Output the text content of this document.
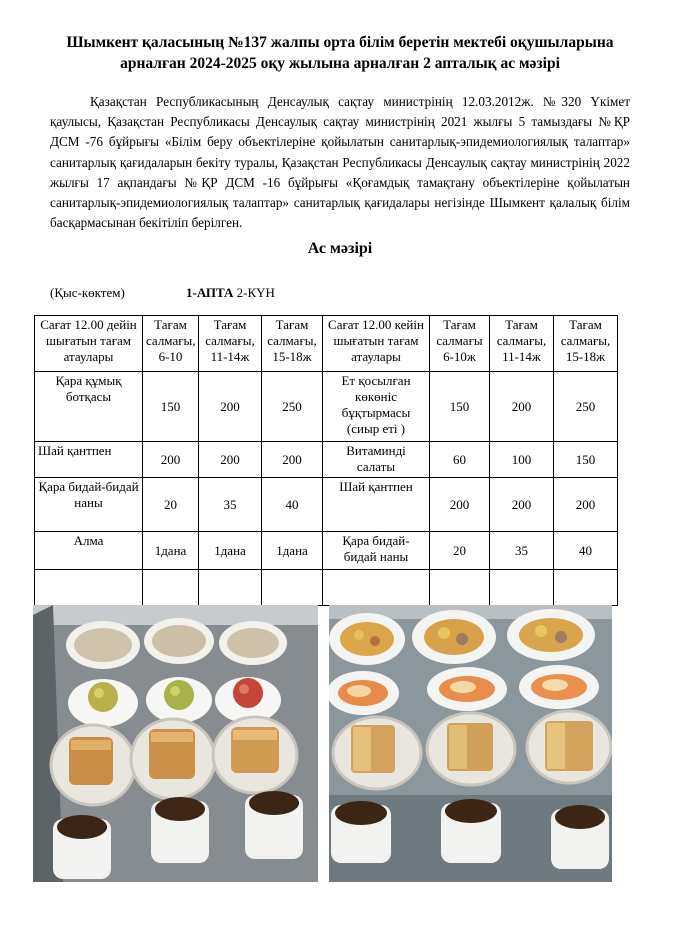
Шымкент қаласының №137 жалпы орта білім беретін мектебі оқушыларына
арналған 2024-2025 оқу жылына арналған 2 апталық ас мәзірі
Қазақстан Республикасының Денсаулық сақтау министрінің 12.03.2012ж. №320 Үкімет қаулысы, Қазақстан Республикасы Денсаулық сақтау министрінің 2021 жылғы 5 тамыздағы №ҚР ДСМ -76 бұйрығы «Білім беру объектілеріне қойылатын санитарлық-эпидемиологиялық талаптар» санитарлық қағидаларын бекіту туралы, Қазақстан Республикасы Денсаулық сақтау министрінің 2022 жылғы 17 ақпандағы №ҚР ДСМ -16 бұйрығы «Қоғамдық тамақтану объектілеріне қойылатын санитарлық-эпидемиологиялық талаптар» санитарлық қағидалары негізінде Шымкент қалалық білім басқармасынан бекітіліп берілген.
Ас мәзірі
(Қыс-көктем)	1-АПТА 2-КҮН
Сағат 12.00 дейін шығатын тағам атаулары	Тағам салмағы, 6-10	Тағам салмағы, 11-14ж	Тағам салмағы, 15-18ж	Сағат 12.00 кейін шығатын тағам атаулары	Тағам салмағы 6-10ж	Тағам салмағы, 11-14ж	Тағам салмағы, 15-18ж
Қара құмық ботқасы	150	200	250	Ет қосылған көкөніс бұқтырмасы (сиыр еті )	150	200	250
Шай қантпен	200	200	200	Витаминді салаты	60	100	150
Қара бидай-бидай наны	20	35	40	Шай қантпен	200	200	200
Алма	1дана	1дана	1дана	Қара бидай-бидай наны	20	35	40
